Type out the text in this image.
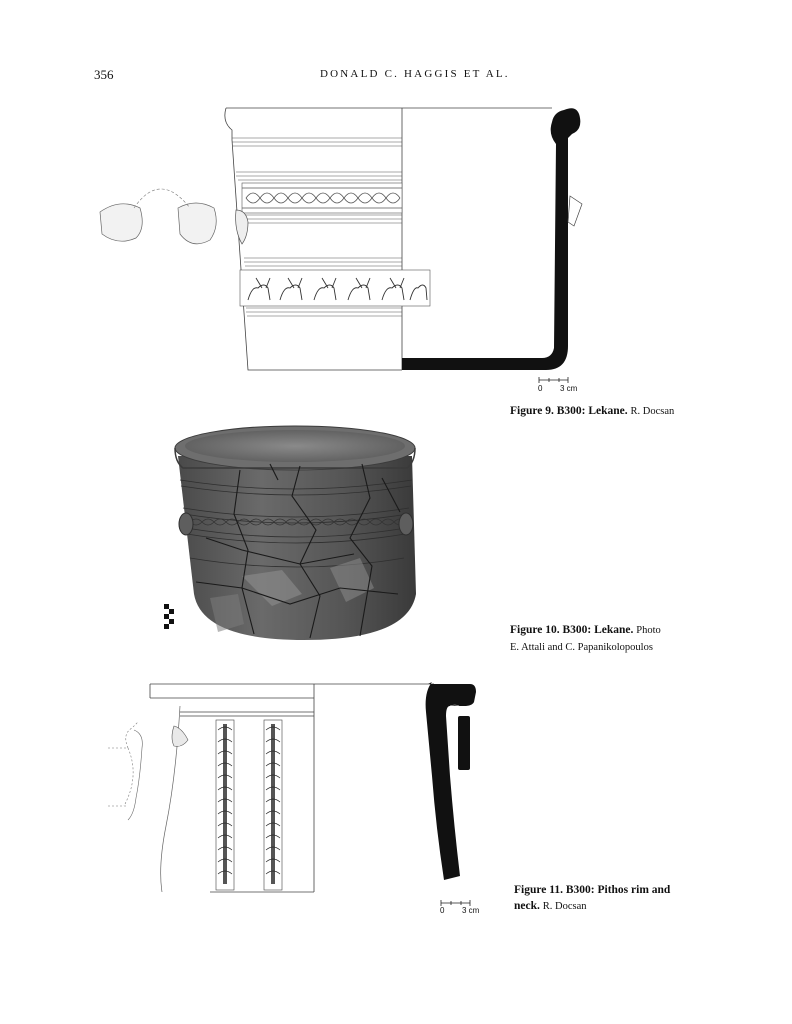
356	DONALD C. HAGGIS ET AL.
0 3 cm
Figure 9. B300: Lekane. R. Docsan
Figure 10. B300: Lekane. Photo
E. Attali and C. Papanikolopoulos
0 3 cm
Figure 11. B300: Pithos rim and
neck. R. Docsan
